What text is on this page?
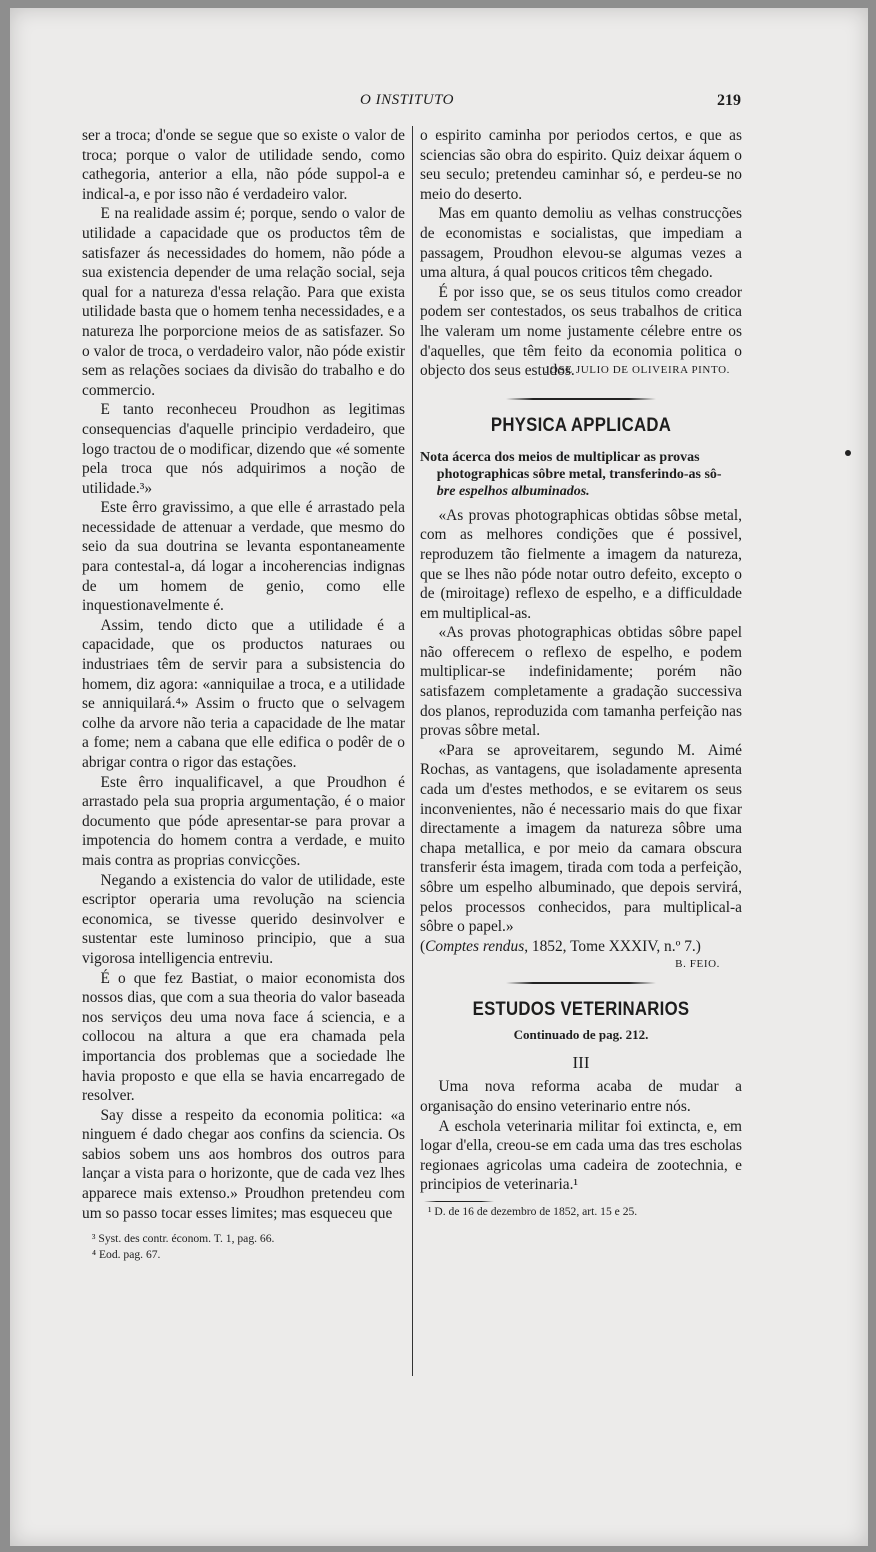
O INSTITUTO	219

ser a troca; d'onde se segue que so existe o valor de troca; porque o valor de utilidade sendo, como cathegoria, anterior a ella, não póde suppol-a e indical-a, e por isso não é verdadeiro valor.

E na realidade assim é; porque, sendo o valor de utilidade a capacidade que os productos têm de satisfazer ás necessidades do homem, não póde a sua existencia depender de uma relação social, seja qual for a natureza d'essa relação. Para que exista utilidade basta que o homem tenha necessidades, e a natureza lhe porporcione meios de as satisfazer. So o valor de troca, o verdadeiro valor, não póde existir sem as relações sociaes da divisão do trabalho e do commercio.

E tanto reconheceu Proudhon as legitimas consequencias d'aquelle principio verdadeiro, que logo tractou de o modificar, dizendo que «é somente pela troca que nós adquirimos a noção de utilidade.³»

Este êrro gravissimo, a que elle é arrastado pela necessidade de attenuar a verdade, que mesmo do seio da sua doutrina se levanta espontaneamente para contestal-a, dá logar a incoherencias indignas de um homem de genio, como elle inquestionavelmente é.

Assim, tendo dicto que a utilidade é a capacidade, que os productos naturaes ou industriaes têm de servir para a subsistencia do homem, diz agora: «anniquilae a troca, e a utilidade se anniquilará.⁴» Assim o fructo que o selvagem colhe da arvore não teria a capacidade de lhe matar a fome; nem a cabana que elle edifica o podêr de o abrigar contra o rigor das estações.

Este êrro inqualificavel, a que Proudhon é arrastado pela sua propria argumentação, é o maior documento que póde apresentar-se para provar a impotencia do homem contra a verdade, e muito mais contra as proprias convicções.

Negando a existencia do valor de utilidade, este escriptor operaria uma revolução na sciencia economica, se tivesse querido desinvolver e sustentar este luminoso principio, que a sua vigorosa intelligencia entreviu.

É o que fez Bastiat, o maior economista dos nossos dias, que com a sua theoria do valor baseada nos serviços deu uma nova face á sciencia, e a collocou na altura a que era chamada pela importancia dos problemas que a sociedade lhe havia proposto e que ella se havia encarregado de resolver.

Say disse a respeito da economia politica: «a ninguem é dado chegar aos confins da sciencia. Os sabios sobem uns aos hombros dos outros para lançar a vista para o horizonte, que de cada vez lhes apparece mais extenso.» Proudhon pretendeu com um so passo tocar esses limites; mas esqueceu que

³ Syst. des contr. économ. T. 1, pag. 66.

⁴ Eod. pag. 67.

o espirito caminha por periodos certos, e que as sciencias são obra do espirito. Quiz deixar áquem o seu seculo; pretendeu caminhar só, e perdeu-se no meio do deserto.

Mas em quanto demoliu as velhas construcções de economistas e socialistas, que impediam a passagem, Proudhon elevou-se algumas vezes a uma altura, á qual poucos criticos têm chegado.

É por isso que, se os seus titulos como creador podem ser contestados, os seus trabalhos de critica lhe valeram um nome justamente célebre entre os d'aquelles, que têm feito da economia politica o objecto dos seus estudos.

JOSE JULIO DE OLIVEIRA PINTO.
PHYSICA APPLICADA
Nota ácerca dos meios de multiplicar as provas photographicas sôbre metal, transferindo-as sô- bre espelhos albuminados.

«As provas photographicas obtidas sôbse metal, com as melhores condições que é possivel, reproduzem tão fielmente a imagem da natureza, que se lhes não póde notar outro defeito, excepto o de (miroitage) reflexo de espelho, e a difficuldade em multiplical-as.

«As provas photographicas obtidas sôbre papel não offerecem o reflexo de espelho, e podem multiplicar-se indefinidamente; porém não satisfazem completamente a gradação successiva dos planos, reproduzida com tamanha perfeição nas provas sôbre metal.

«Para se aproveitarem, segundo M. Aimé Rochas, as vantagens, que isoladamente apresenta cada um d'estes methodos, e se evitarem os seus inconvenientes, não é necessario mais do que fixar directamente a imagem da natureza sôbre uma chapa metallica, e por meio da camara obscura transferir ésta imagem, tirada com toda a perfeição, sôbre um espelho albuminado, que depois servirá, pelos processos conhecidos, para multiplical-a sôbre o papel.»

(Comptes rendus, 1852, Tome XXXIV, n.º 7.)

B. FEIO.
ESTUDOS VETERINARIOS
Continuado de pag. 212.
III

Uma nova reforma acaba de mudar a organisação do ensino veterinario entre nós.

A eschola veterinaria militar foi extincta, e, em logar d'ella, creou-se em cada uma das tres escholas regionaes agricolas uma cadeira de zootechnia, e principios de veterinaria.¹

¹ D. de 16 de dezembro de 1852, art. 15 e 25.
